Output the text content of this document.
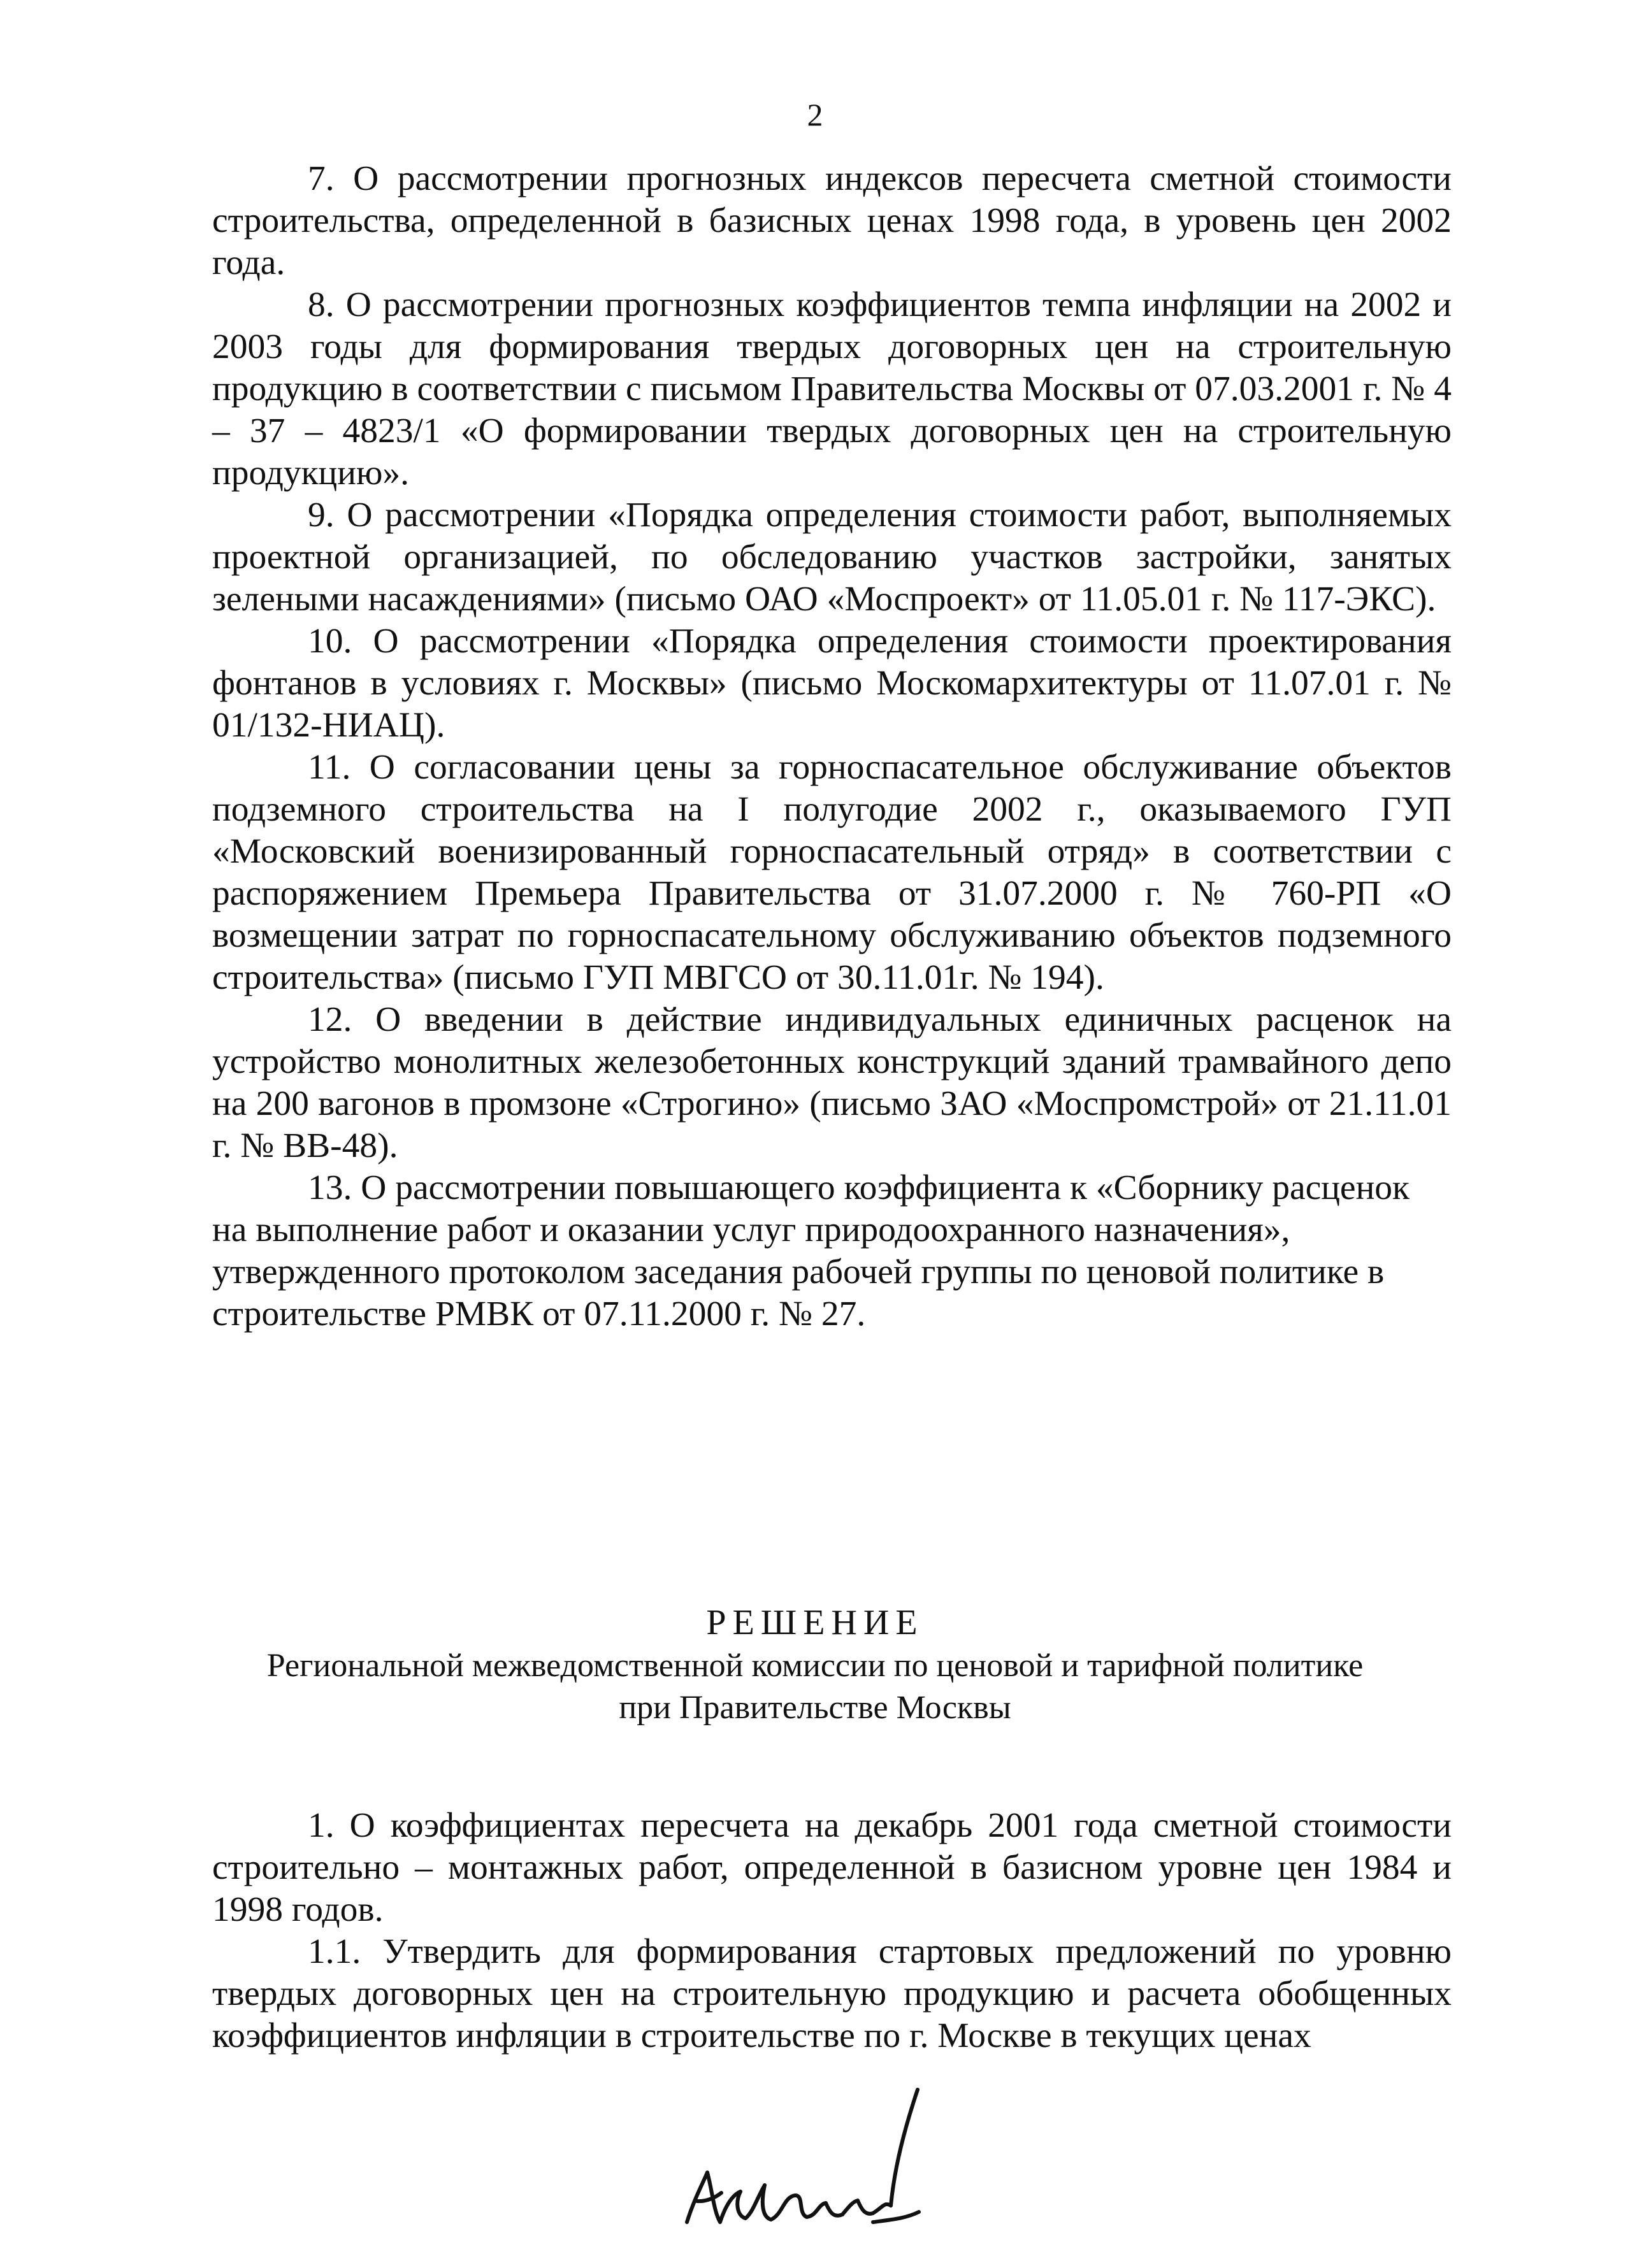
2

7. О рассмотрении прогнозных индексов пересчета сметной стоимости строительства, определенной в базисных ценах 1998 года, в уровень цен 2002 года.

8. О рассмотрении прогнозных коэффициентов темпа инфляции на 2002 и 2003 годы для формирования твердых договорных цен на строительную продукцию в соответствии с письмом Правительства Москвы от 07.03.2001 г. № 4 – 37 – 4823/1 «О формировании твердых договорных цен на строительную продукцию».

9. О рассмотрении «Порядка определения стоимости работ, выполняемых проектной организацией, по обследованию участков застройки, занятых зелеными насаждениями» (письмо ОАО «Моспроект» от 11.05.01 г. № 117-ЭКС).

10. О рассмотрении «Порядка определения стоимости проектирования фонтанов в условиях г. Москвы» (письмо Москомархитектуры от 11.07.01 г. № 01/132-НИАЦ).

11. О согласовании цены за горноспасательное обслуживание объектов подземного строительства на I полугодие 2002 г., оказываемого ГУП «Московский военизированный горноспасательный отряд» в соответствии с распоряжением Премьера Правительства от 31.07.2000 г. № 760-РП «О возмещении затрат по горноспасательному обслуживанию объектов подземного строительства» (письмо ГУП МВГСО от 30.11.01г. № 194).

12. О введении в действие индивидуальных единичных расценок на устройство монолитных железобетонных конструкций зданий трамвайного депо на 200 вагонов в промзоне «Строгино» (письмо ЗАО «Моспромстрой» от 21.11.01 г. № ВВ-48).

13. О рассмотрении повышающего коэффициента к «Сборнику расценок на выполнение работ и оказании услуг природоохранного назначения», утвержденного протоколом заседания рабочей группы по ценовой политике в строительстве РМВК от 07.11.2000 г. № 27.

РЕШЕНИЕ
Региональной межведомственной комиссии по ценовой и тарифной политике
при Правительстве Москвы

1. О коэффициентах пересчета на декабрь 2001 года сметной стоимости строительно – монтажных работ, определенной в базисном уровне цен 1984 и 1998 годов.

1.1. Утвердить для формирования стартовых предложений по уровню твердых договорных цен на строительную продукцию и расчета обобщенных коэффициентов инфляции в строительстве по г. Москве в текущих ценах
